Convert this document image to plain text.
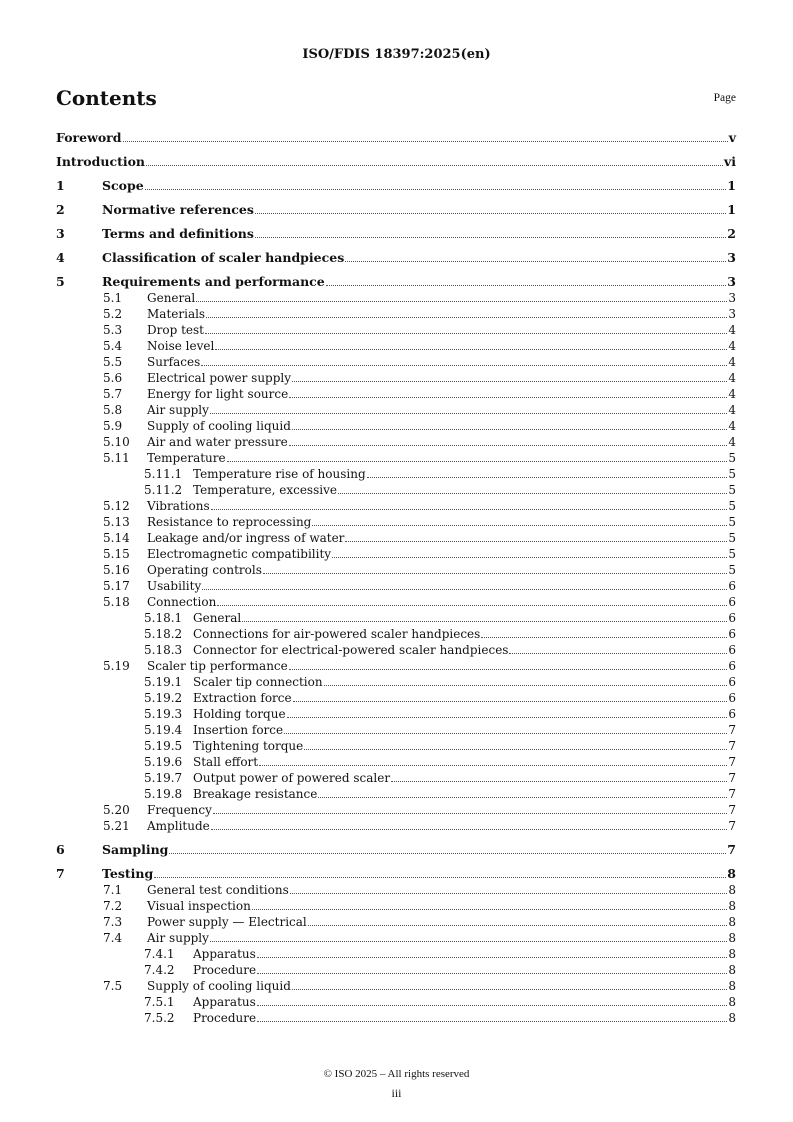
ISO/FDIS 18397:2025(en)
Contents	Page
Foreword	v
Introduction	vi
1	Scope	1
2	Normative references	1
3	Terms and definitions	2
4	Classification of scaler handpieces	3
5	Requirements and performance	3
5.1 General	3
5.2 Materials	3
5.3 Drop test	4
5.4 Noise level	4
5.5 Surfaces	4
5.6 Electrical power supply	4
5.7 Energy for light source	4
5.8 Air supply	4
5.9 Supply of cooling liquid	4
5.10 Air and water pressure	4
5.11 Temperature	5
5.11.1 Temperature rise of housing	5
5.11.2 Temperature, excessive	5
5.12 Vibrations	5
5.13 Resistance to reprocessing	5
5.14 Leakage and/or ingress of water	5
5.15 Electromagnetic compatibility	5
5.16 Operating controls	5
5.17 Usability	6
5.18 Connection	6
5.18.1 General	6
5.18.2 Connections for air-powered scaler handpieces	6
5.18.3 Connector for electrical-powered scaler handpieces	6
5.19 Scaler tip performance	6
5.19.1 Scaler tip connection	6
5.19.2 Extraction force	6
5.19.3 Holding torque	6
5.19.4 Insertion force	7
5.19.5 Tightening torque	7
5.19.6 Stall effort	7
5.19.7 Output power of powered scaler	7
5.19.8 Breakage resistance	7
5.20 Frequency	7
5.21 Amplitude	7
6	Sampling	7
7	Testing	8
7.1 General test conditions	8
7.2 Visual inspection	8
7.3 Power supply — Electrical	8
7.4 Air supply	8
7.4.1 Apparatus	8
7.4.2 Procedure	8
7.5 Supply of cooling liquid	8
7.5.1 Apparatus	8
7.5.2 Procedure	8
© ISO 2025 – All rights reserved
iii
